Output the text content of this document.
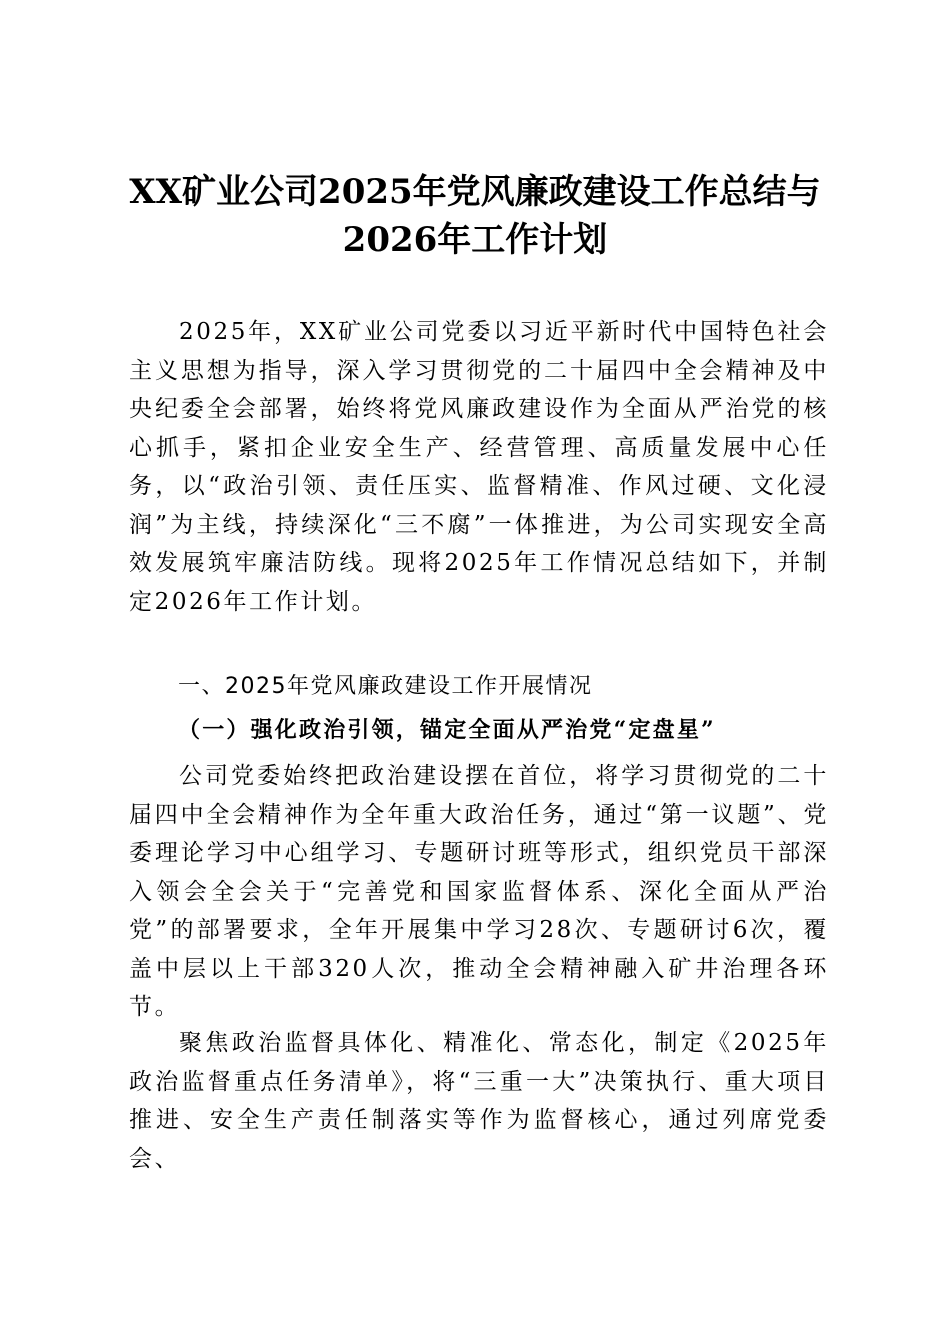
XX矿业公司2025年党风廉政建设工作总结与
2026年工作计划

2025年，XX矿业公司党委以习近平新时代中国特色社会主义思想为指导，深入学习贯彻党的二十届四中全会精神及中央纪委全会部署，始终将党风廉政建设作为全面从严治党的核心抓手，紧扣企业安全生产、经营管理、高质量发展中心任务，以“政治引领、责任压实、监督精准、作风过硬、文化浸润”为主线，持续深化“三不腐”一体推进，为公司实现安全高效发展筑牢廉洁防线。现将2025年工作情况总结如下，并制定2026年工作计划。

一、2025年党风廉政建设工作开展情况
（一）强化政治引领，锚定全面从严治党“定盘星”

公司党委始终把政治建设摆在首位，将学习贯彻党的二十届四中全会精神作为全年重大政治任务，通过“第一议题”、党委理论学习中心组学习、专题研讨班等形式，组织党员干部深入领会全会关于“完善党和国家监督体系、深化全面从严治党”的部署要求，全年开展集中学习28次、专题研讨6次，覆盖中层以上干部320人次，推动全会精神融入矿井治理各环节。

聚焦政治监督具体化、精准化、常态化，制定《2025年政治监督重点任务清单》，将“三重一大”决策执行、重大项目推进、安全生产责任制落实等作为监督核心，通过列席党委会、
